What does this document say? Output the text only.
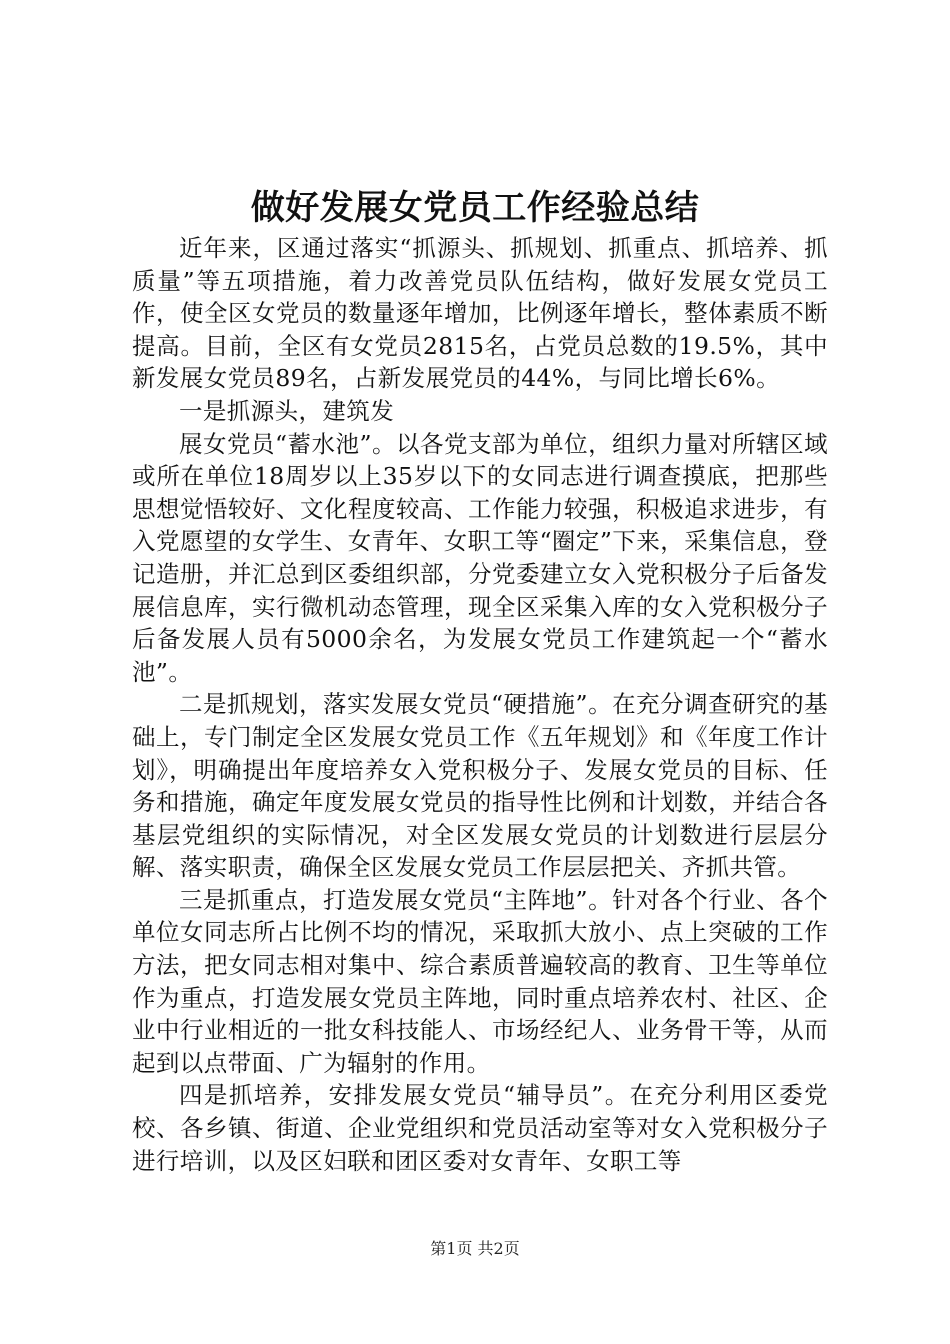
做好发展女党员工作经验总结

近年来，区通过落实“抓源头、抓规划、抓重点、抓培养、抓质量”等五项措施，着力改善党员队伍结构，做好发展女党员工作，使全区女党员的数量逐年增加，比例逐年增长，整体素质不断提高。目前，全区有女党员2815名，占党员总数的19.5%，其中新发展女党员89名，占新发展党员的44%，与同比增长6%。

一是抓源头，建筑发

展女党员“蓄水池”。以各党支部为单位，组织力量对所辖区域或所在单位18周岁以上35岁以下的女同志进行调查摸底，把那些思想觉悟较好、文化程度较高、工作能力较强，积极追求进步，有入党愿望的女学生、女青年、女职工等“圈定”下来，采集信息，登记造册，并汇总到区委组织部，分党委建立女入党积极分子后备发展信息库，实行微机动态管理，现全区采集入库的女入党积极分子后备发展人员有5000余名，为发展女党员工作建筑起一个“蓄水池”。

二是抓规划，落实发展女党员“硬措施”。在充分调查研究的基础上，专门制定全区发展女党员工作《五年规划》和《年度工作计划》，明确提出年度培养女入党积极分子、发展女党员的目标、任务和措施，确定年度发展女党员的指导性比例和计划数，并结合各基层党组织的实际情况，对全区发展女党员的计划数进行层层分解、落实职责，确保全区发展女党员工作层层把关、齐抓共管。

三是抓重点，打造发展女党员“主阵地”。针对各个行业、各个单位女同志所占比例不均的情况，采取抓大放小、点上突破的工作方法，把女同志相对集中、综合素质普遍较高的教育、卫生等单位作为重点，打造发展女党员主阵地，同时重点培养农村、社区、企业中行业相近的一批女科技能人、市场经纪人、业务骨干等，从而起到以点带面、广为辐射的作用。

四是抓培养，安排发展女党员“辅导员”。在充分利用区委党校、各乡镇、街道、企业党组织和党员活动室等对女入党积极分子进行培训，以及区妇联和团区委对女青年、女职工等

第1页 共2页
